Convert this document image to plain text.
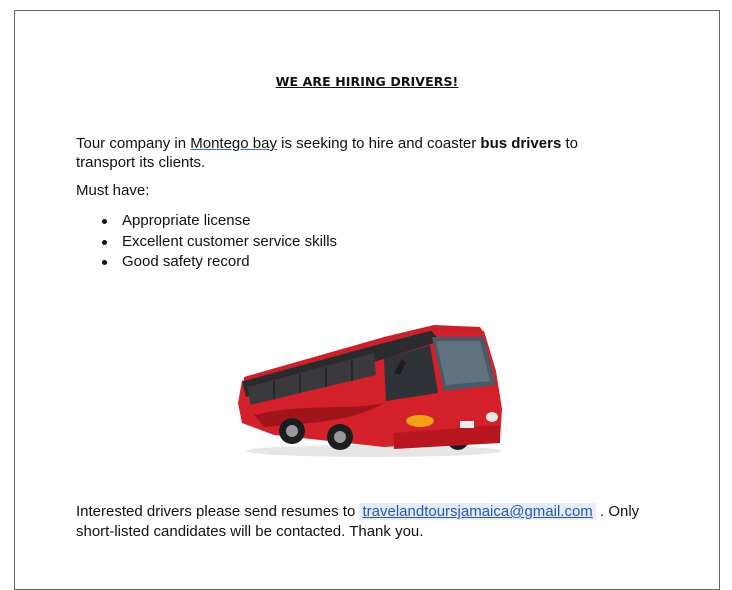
WE ARE HIRING DRIVERS!
Tour company in Montego bay is seeking to hire and coaster bus drivers to transport its clients.
Must have:
Appropriate license
Excellent customer service skills
Good safety record
Interested drivers please send resumes to travelandtoursjamaica@gmail.com . Only short-listed candidates will be contacted. Thank you.
